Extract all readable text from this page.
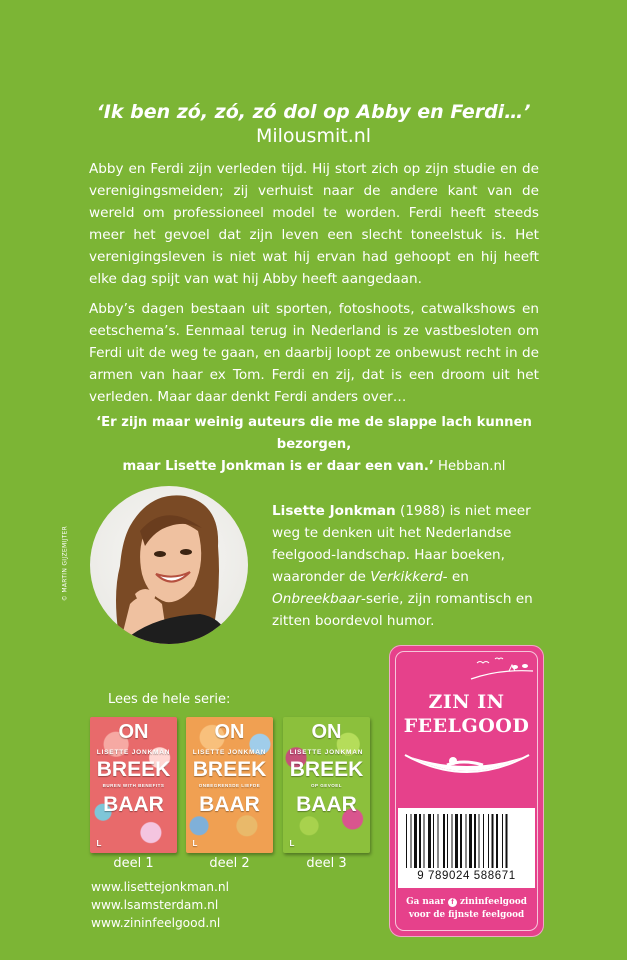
‘Ik ben zó, zó, zó dol op Abby en Ferdi…’
Milousmit.nl
Abby en Ferdi zijn verleden tijd. Hij stort zich op zijn studie en de verenigingsmeiden; zij verhuist naar de andere kant van de wereld om professioneel model te worden. Ferdi heeft steeds meer het gevoel dat zijn leven een slecht toneelstuk is. Het verenigingsleven is niet wat hij ervan had gehoopt en hij heeft elke dag spijt van wat hij Abby heeft aangedaan.
Abby’s dagen bestaan uit sporten, fotoshoots, catwalkshows en eetschema’s. Eenmaal terug in Nederland is ze vastbesloten om Ferdi uit de weg te gaan, en daarbij loopt ze onbewust recht in de armen van haar ex Tom. Ferdi en zij, dat is een droom uit het verleden. Maar daar denkt Ferdi anders over…
‘Er zijn maar weinig auteurs die me de slappe lach kunnen bezorgen,
maar Lisette Jonkman is er daar een van.’ Hebban.nl
© MARTIN GIJZEMIJTER
Lisette Jonkman (1988) is niet meer weg te denken uit het Nederlandse feelgood-landschap. Haar boeken, waaronder de Verkikkerd- en Onbreekbaar-serie, zijn romantisch en zitten boordevol humor.
Lees de hele serie:
ON
LISETTE JONKMAN
BREEK
BUREN WITH BENEFITS
BAAR
L
ON
LISETTE JONKMAN
BREEK
ONBEGRENSDE LIEFDE
BAAR
L
ON
LISETTE JONKMAN
BREEK
OP GEVOEL
BAAR
L
deel 1	deel 2	deel 3
www.lisettejonkman.nl
www.lsamsterdam.nl
www.zininfeelgood.nl
ZIN IN
FEELGOOD
9 789024 588671
Ga naar f zininfeelgood
voor de fijnste feelgood
